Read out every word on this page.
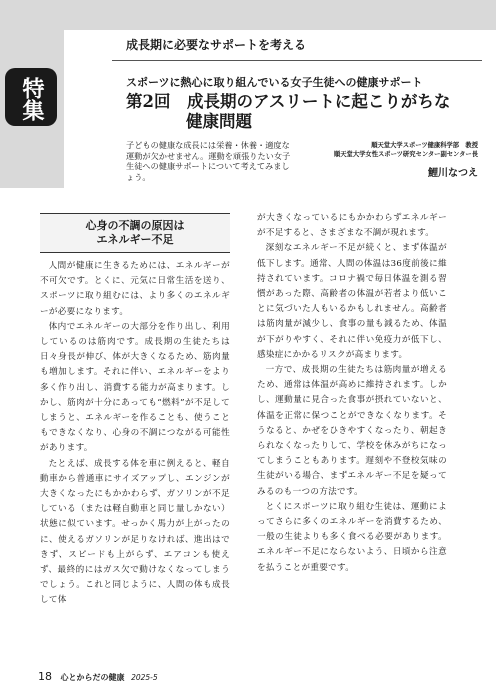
成長期に必要なサポートを考える
特集	スポーツに熱心に取り組んでいる女子生徒への健康サポート
第2回　成長期のアスリートに起こりがちな
健康問題
子どもの健康な成長には栄養・休養・適度な運動が欠かせません。運動を頑張りたい女子生徒への健康サポートについて考えてみましょう。
順天堂大学スポーツ健康科学部　教授
順天堂大学女性スポーツ研究センター副センター長
鯉川なつえ
心身の不調の原因は
エネルギー不足

人間が健康に生きるためには、エネルギーが不可欠です。とくに、元気に日常生活を送り、スポーツに取り組むには、より多くのエネルギーが必要になります。

体内でエネルギーの大部分を作り出し、利用しているのは筋肉です。成長期の生徒たちは日々身長が伸び、体が大きくなるため、筋肉量も増加します。それに伴い、エネルギーをより多く作り出し、消費する能力が高まります。しかし、筋肉が十分にあっても“燃料”が不足してしまうと、エネルギーを作ることも、使うこともできなくなり、心身の不調につながる可能性があります。

たとえば、成長する体を車に例えると、軽自動車から普通車にサイズアップし、エンジンが大きくなったにもかかわらず、ガソリンが不足している（または軽自動車と同じ量しかない）状態に似ています。せっかく馬力が上がったのに、使えるガソリンが足りなければ、進出はできず、スピードも上がらず、エアコンも使えず、最終的にはガス欠で動けなくなってしまうでしょう。これと同じように、人間の体も成長して体

が大きくなっているにもかかわらずエネルギーが不足すると、さまざまな不調が現れます。

深刻なエネルギー不足が続くと、まず体温が低下します。通常、人間の体温は36度前後に維持されています。コロナ禍で毎日体温を測る習慣があった際、高齢者の体温が若者より低いことに気づいた人もいるかもしれません。高齢者は筋肉量が減少し、食事の量も減るため、体温が下がりやすく、それに伴い免疫力が低下し、感染症にかかるリスクが高まります。

一方で、成長期の生徒たちは筋肉量が増えるため、通常は体温が高めに維持されます。しかし、運動量に見合った食事が摂れていないと、体温を正常に保つことができなくなります。そうなると、かぜをひきやすくなったり、朝起きられなくなったりして、学校を休みがちになってしまうこともあります。遅刻や不登校気味の生徒がいる場合、まずエネルギー不足を疑ってみるのも一つの方法です。

とくにスポーツに取り組む生徒は、運動によってさらに多くのエネルギーを消費するため、一般の生徒よりも多く食べる必要があります。エネルギー不足にならないよう、日頃から注意を払うことが重要です。

18 心とからだの健康 2025-5
